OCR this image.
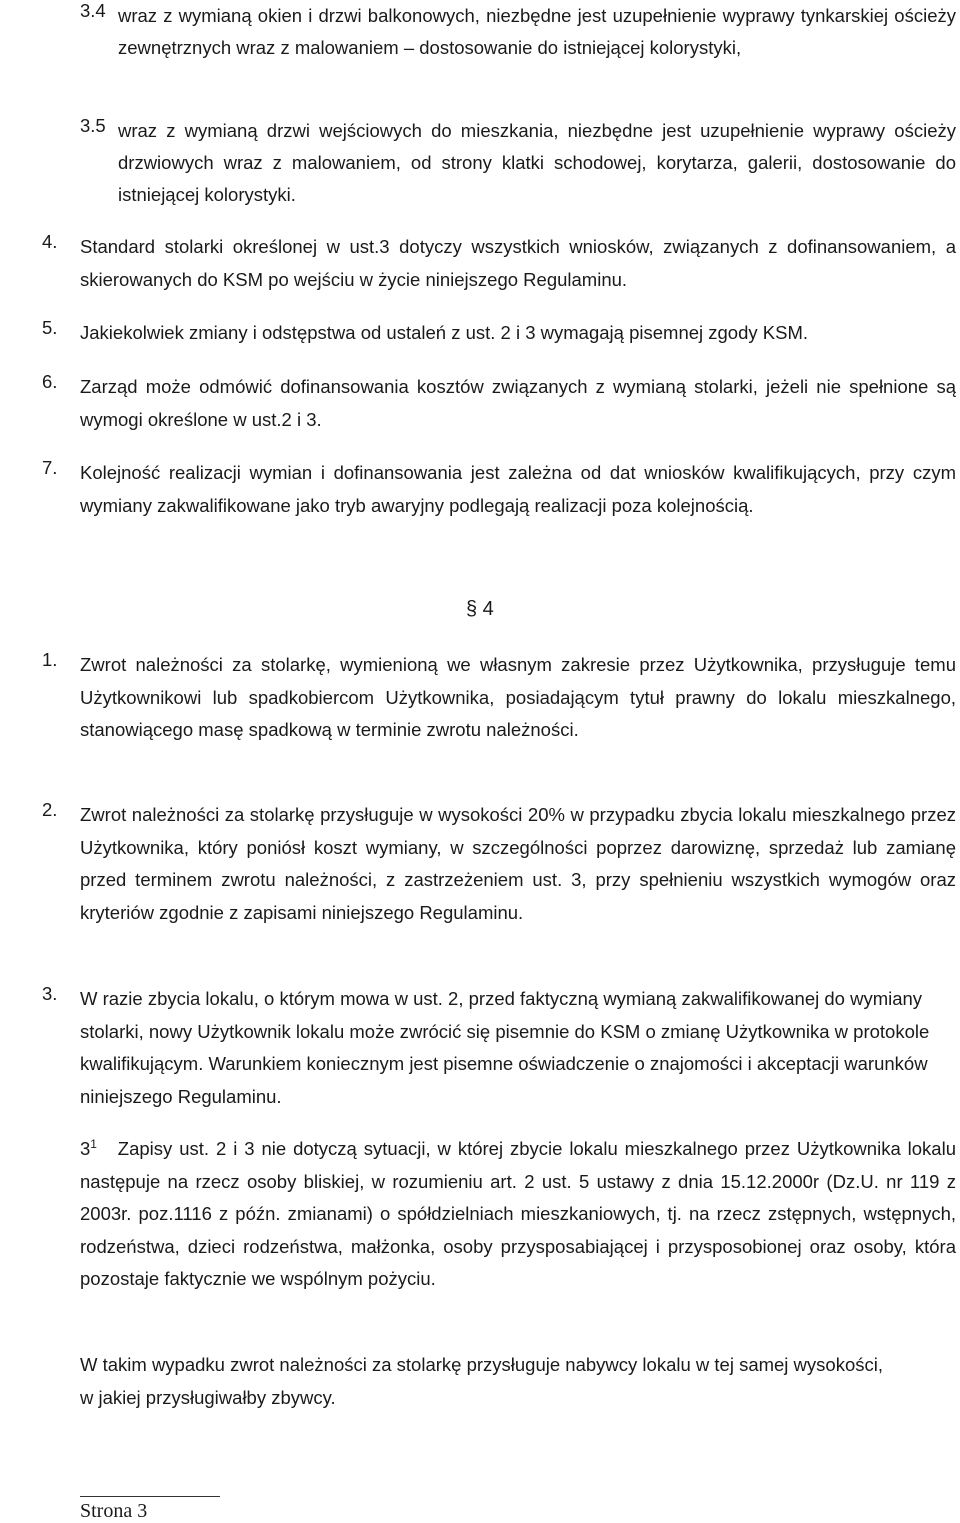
3.4 wraz z wymianą okien i drzwi balkonowych, niezbędne jest uzupełnienie wyprawy tynkarskiej ościeży zewnętrznych wraz z malowaniem – dostosowanie do istniejącej kolorystyki,
3.5 wraz z wymianą drzwi wejściowych do mieszkania, niezbędne jest uzupełnienie wyprawy ościeży drzwiowych wraz z malowaniem, od strony klatki schodowej, korytarza, galerii, dostosowanie do istniejącej kolorystyki.
4.	Standard stolarki określonej w ust.3 dotyczy wszystkich wniosków, związanych z dofinansowaniem, a skierowanych do KSM po wejściu w życie niniejszego Regulaminu.
5.	Jakiekolwiek zmiany i odstępstwa od ustaleń z ust. 2 i 3 wymagają pisemnej zgody KSM.
6.	Zarząd może odmówić dofinansowania kosztów związanych z wymianą stolarki, jeżeli nie spełnione są wymogi określone w ust.2 i 3.
7.	Kolejność realizacji wymian i dofinansowania jest zależna od dat wniosków kwalifikujących, przy czym wymiany zakwalifikowane jako tryb awaryjny podlegają realizacji poza kolejnością.
§ 4
1.	Zwrot należności za stolarkę, wymienioną we własnym zakresie przez Użytkownika, przysługuje temu Użytkownikowi lub spadkobiercom Użytkownika, posiadającym tytuł prawny do lokalu mieszkalnego, stanowiącego masę spadkową w terminie zwrotu należności.
2.	Zwrot należności za stolarkę przysługuje w wysokości 20% w przypadku zbycia lokalu mieszkalnego przez Użytkownika, który poniósł koszt wymiany, w szczególności poprzez darowiznę, sprzedaż lub zamianę przed terminem zwrotu należności, z zastrzeżeniem ust. 3, przy spełnieniu wszystkich wymogów oraz kryteriów zgodnie z zapisami niniejszego Regulaminu.
3.	W razie zbycia lokalu, o którym mowa w ust. 2, przed faktyczną wymianą zakwalifikowanej do wymiany stolarki, nowy Użytkownik lokalu może zwrócić się pisemnie do KSM o zmianę Użytkownika w protokole kwalifikującym. Warunkiem koniecznym jest pisemne oświadczenie o znajomości i akceptacji warunków niniejszego Regulaminu.
$3^1$ Zapisy ust. 2 i 3 nie dotyczą sytuacji, w której zbycie lokalu mieszkalnego przez Użytkownika lokalu następuje na rzecz osoby bliskiej, w rozumieniu art. 2 ust. 5 ustawy z dnia 15.12.2000r (Dz.U. nr 119 z 2003r. poz.1116 z późn. zmianami) o spółdzielniach mieszkaniowych, tj. na rzecz zstępnych, wstępnych, rodzeństwa, dzieci rodzeństwa, małżonka, osoby przysposabiającej i przysposobionej oraz osoby, która pozostaje faktycznie we wspólnym pożyciu.
W takim wypadku zwrot należności za stolarkę przysługuje nabywcy lokalu w tej samej wysokości, w jakiej przysługiwałby zbywcy.
Strona 3
